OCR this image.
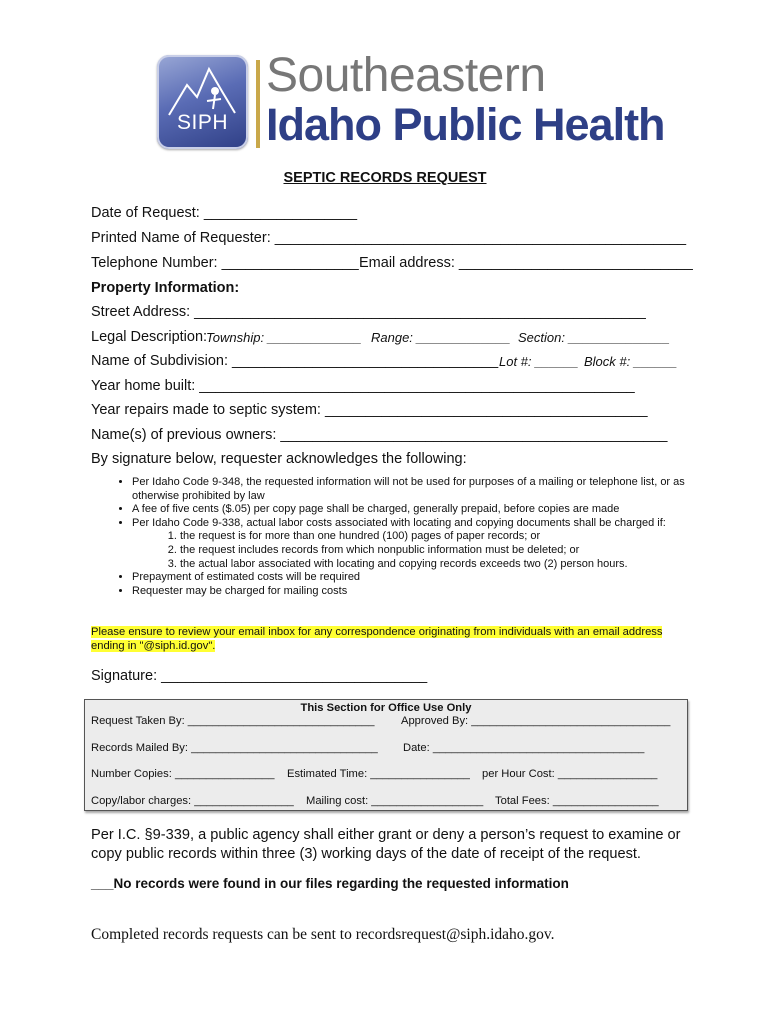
SIPH
Southeastern
Idaho Public Health
SEPTIC RECORDS REQUEST
Date of Request: ___________________
Printed Name of Requester: ___________________________________________________
Telephone Number: _________________ Email address: _____________________________
Property Information:
Street Address: ________________________________________________________
Legal Description:
Township: _____________ Range: _____________ Section: ______________
Name of Subdivision: _________________________________ Lot #: ______ Block #: ______
Year home built: ______________________________________________________
Year repairs made to septic system: ________________________________________
Name(s) of previous owners: ________________________________________________
By signature below, requester acknowledges the following:
• Per Idaho Code 9-348, the requested information will not be used for purposes of a mailing or telephone list, or as otherwise prohibited by law
• A fee of five cents ($.05) per copy page shall be charged, generally prepaid, before copies are made
• Per Idaho Code 9-338, actual labor costs associated with locating and copying documents shall be charged if:
1. the request is for more than one hundred (100) pages of paper records; or
2. the request includes records from which nonpublic information must be deleted; or
3. the actual labor associated with locating and copying records exceeds two (2) person hours.
• Prepayment of estimated costs will be required
• Requester may be charged for mailing costs
Please ensure to review your email inbox for any correspondence originating from individuals with an email address ending in "@siph.id.gov".
Signature: _________________________________
This Section for Office Use Only
Request Taken By: ______________________________ Approved By: ________________________________
Records Mailed By: ______________________________ Date: __________________________________
Number Copies: ________________ Estimated Time: ________________ per Hour Cost: ________________
Copy/labor charges: ________________ Mailing cost: __________________ Total Fees: _________________
Per I.C. §9-339, a public agency shall either grant or deny a person’s request to examine or copy public records within three (3) working days of the date of receipt of the request.
___No records were found in our files regarding the requested information
Completed records requests can be sent to recordsrequest@siph.idaho.gov.
